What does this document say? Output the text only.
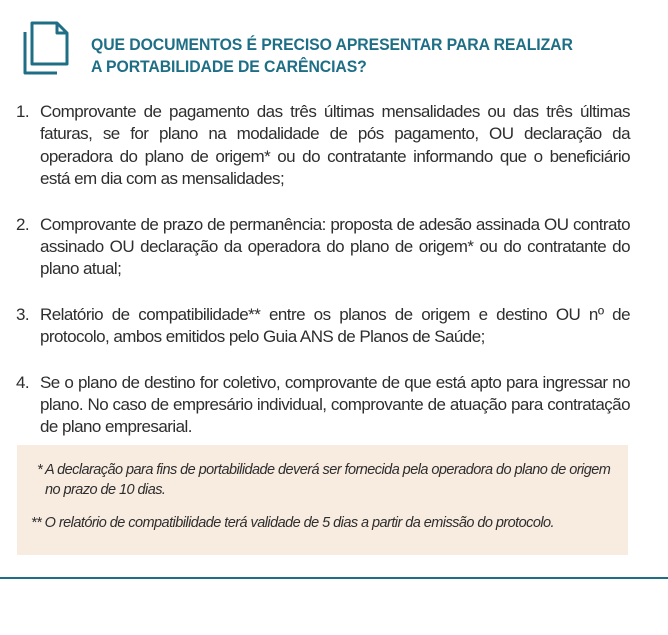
QUE DOCUMENTOS É PRECISO APRESENTAR PARA REALIZAR
A PORTABILIDADE DE CARÊNCIAS?
1. Comprovante de pagamento das três últimas mensalidades ou das três últimas faturas, se for plano na modalidade de pós pagamento, OU declaração da operadora do plano de origem* ou do contratante informando que o beneficiário está em dia com as mensalidades;
2. Comprovante de prazo de permanência: proposta de adesão assinada OU contrato assinado OU declaração da operadora do plano de origem* ou do contratante do plano atual;
3. Relatório de compatibilidade** entre os planos de origem e destino OU nº de protocolo, ambos emitidos pelo Guia ANS de Planos de Saúde;
4. Se o plano de destino for coletivo, comprovante de que está apto para ingressar no plano. No caso de empresário individual, comprovante de atuação para contratação de plano empresarial.

* A declaração para fins de portabilidade deverá ser fornecida pela operadora do plano de origem no prazo de 10 dias.

** O relatório de compatibilidade terá validade de 5 dias a partir da emissão do protocolo.
